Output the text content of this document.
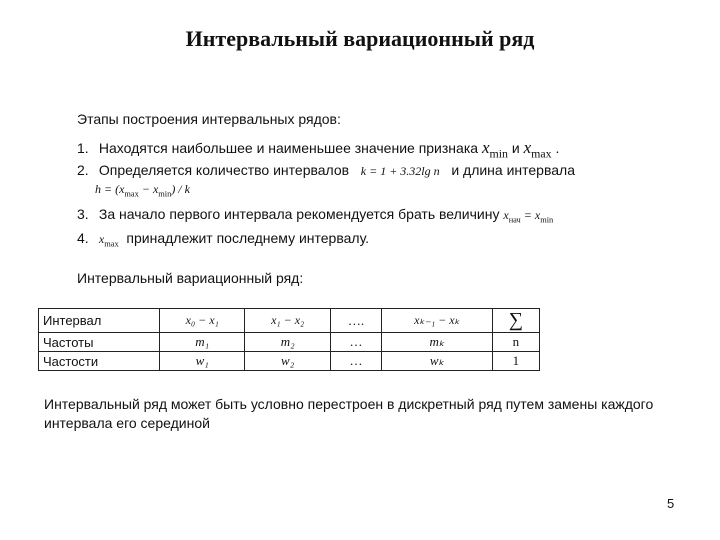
Интервальный вариационный ряд
Этапы построения интервальных рядов:
1. Находятся наибольшее и наименьшее значение признака $x_{min}$ и $x_{max}$ .
2. Определяется количество интервалов k = 1 + 3.32lg n и длина интервала
$h = (x_{max} - x_{min}) / k$
3. За начало первого интервала рекомендуется брать величину $x_{нач} = x_{min}$
4. $x_{max}$ принадлежит последнему интервалу.
Интервальный вариационный ряд:
Интервал	x₀ − x₁	x₁ − x₂	….	xₖ₋₁ − xₖ	∑
Частоты	m₁	m₂	…	mₖ	n
Частости	w₁	w₂	…	wₖ	1
Интервальный ряд может быть условно перестроен в дискретный ряд путем замены каждого интервала его серединой
5
